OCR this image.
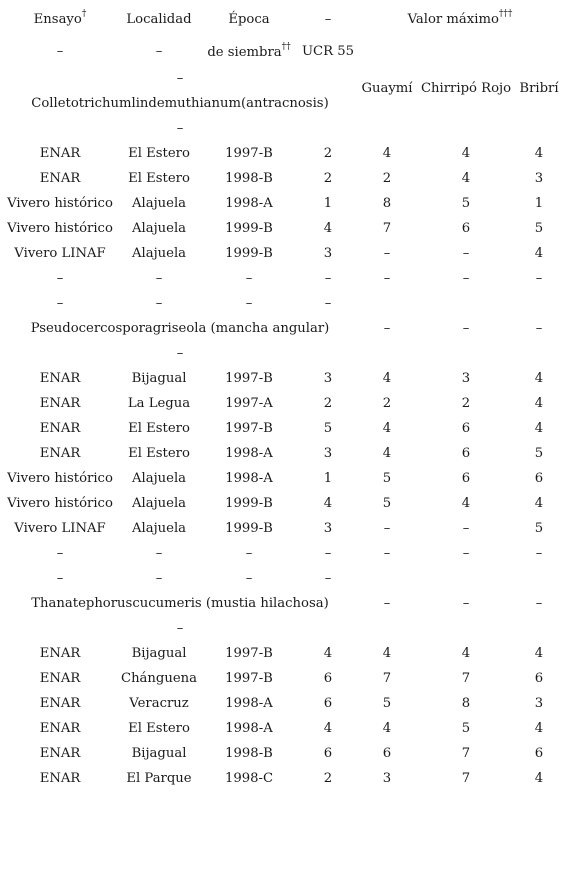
Ensayo†	Localidad	Época	–	Valor máximo†††
–	–	de siembra†† UCR 55
–
Guaymí Chirripó Rojo Bribrí
Colletotrichumlindemuthianum(antracnosis)
–
ENAR	El Estero	1997-B	2	4	4	4
ENAR	El Estero	1998-B	2	2	4	3
Vivero histórico Alajuela	1998-A	1	8	5	1
Vivero histórico Alajuela	1999-B	4	7	6	5
Vivero LINAF Alajuela	1999-B	3	–	–	4
–	–	–	–	–	–	–
–	–	–	–
Pseudocercosporagriseola (mancha angular)	–	–	–
–
ENAR	Bijagual	1997-B	3	4	3	4
ENAR	La Legua	1997-A	2	2	2	4
ENAR	El Estero	1997-B	5	4	6	4
ENAR	El Estero	1998-A	3	4	6	5
Vivero histórico Alajuela	1998-A	1	5	6	6
Vivero histórico Alajuela	1999-B	4	5	4	4
Vivero LINAF Alajuela	1999-B	3	–	–	5
–	–	–	–	–	–	–
–	–	–	–
Thanatephoruscucumeris (mustia hilachosa)	–	–	–
–
ENAR	Bijagual	1997-B	4	4	4	4
ENAR	Chánguena 1997-B	6	7	7	6
ENAR	Veracruz	1998-A	6	5	8	3
ENAR	El Estero	1998-A	4	4	5	4
ENAR	Bijagual	1998-B	6	6	7	6
ENAR	El Parque	1998-C	2	3	7	4
